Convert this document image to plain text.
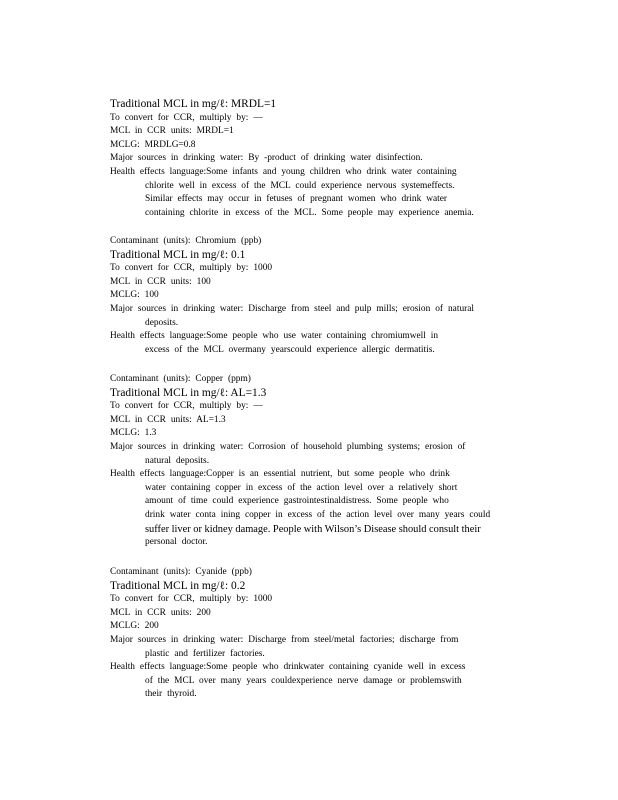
Traditional MCL in mg/ℓ: MRDL=1
To convert for CCR, multiply by: —
MCL in CCR units: MRDL=1
MCLG: MRDLG=0.8
Major sources in drinking water: By -product of drinking water disinfection.
Health effects language:Some infants and young children who drink water containing
chlorite well in excess of the MCL could experience nervous systemeffects.
Similar effects may occur in fetuses of pregnant women who drink water
containing chlorite in excess of the MCL. Some people may experience anemia.
Contaminant (units): Chromium (ppb)
Traditional MCL in mg/ℓ: 0.1
To convert for CCR, multiply by: 1000
MCL in CCR units: 100
MCLG: 100
Major sources in drinking water: Discharge from steel and pulp mills; erosion of natural
deposits.
Health effects language:Some people who use water containing chromiumwell in
excess of the MCL overmany yearscould experience allergic dermatitis.
Contaminant (units): Copper (ppm)
Traditional MCL in mg/ℓ: AL=1.3
To convert for CCR, multiply by: —
MCL in CCR units: AL=1.3
MCLG: 1.3
Major sources in drinking water: Corrosion of household plumbing systems; erosion of
natural deposits.
Health effects language:Copper is an essential nutrient, but some people who drink
water containing copper in excess of the action level over a relatively short
amount of time could experience gastrointestinaldistress. Some people who
drink water conta ining copper in excess of the action level over many years could
suffer liver or kidney damage. People with Wilson’s Disease should consult their
personal doctor.
Contaminant (units): Cyanide (ppb)
Traditional MCL in mg/ℓ: 0.2
To convert for CCR, multiply by: 1000
MCL in CCR units: 200
MCLG: 200
Major sources in drinking water: Discharge from steel/metal factories; discharge from
plastic and fertilizer factories.
Health effects language:Some people who drinkwater containing cyanide well in excess
of the MCL over many years couldexperience nerve damage or problemswith
their thyroid.
